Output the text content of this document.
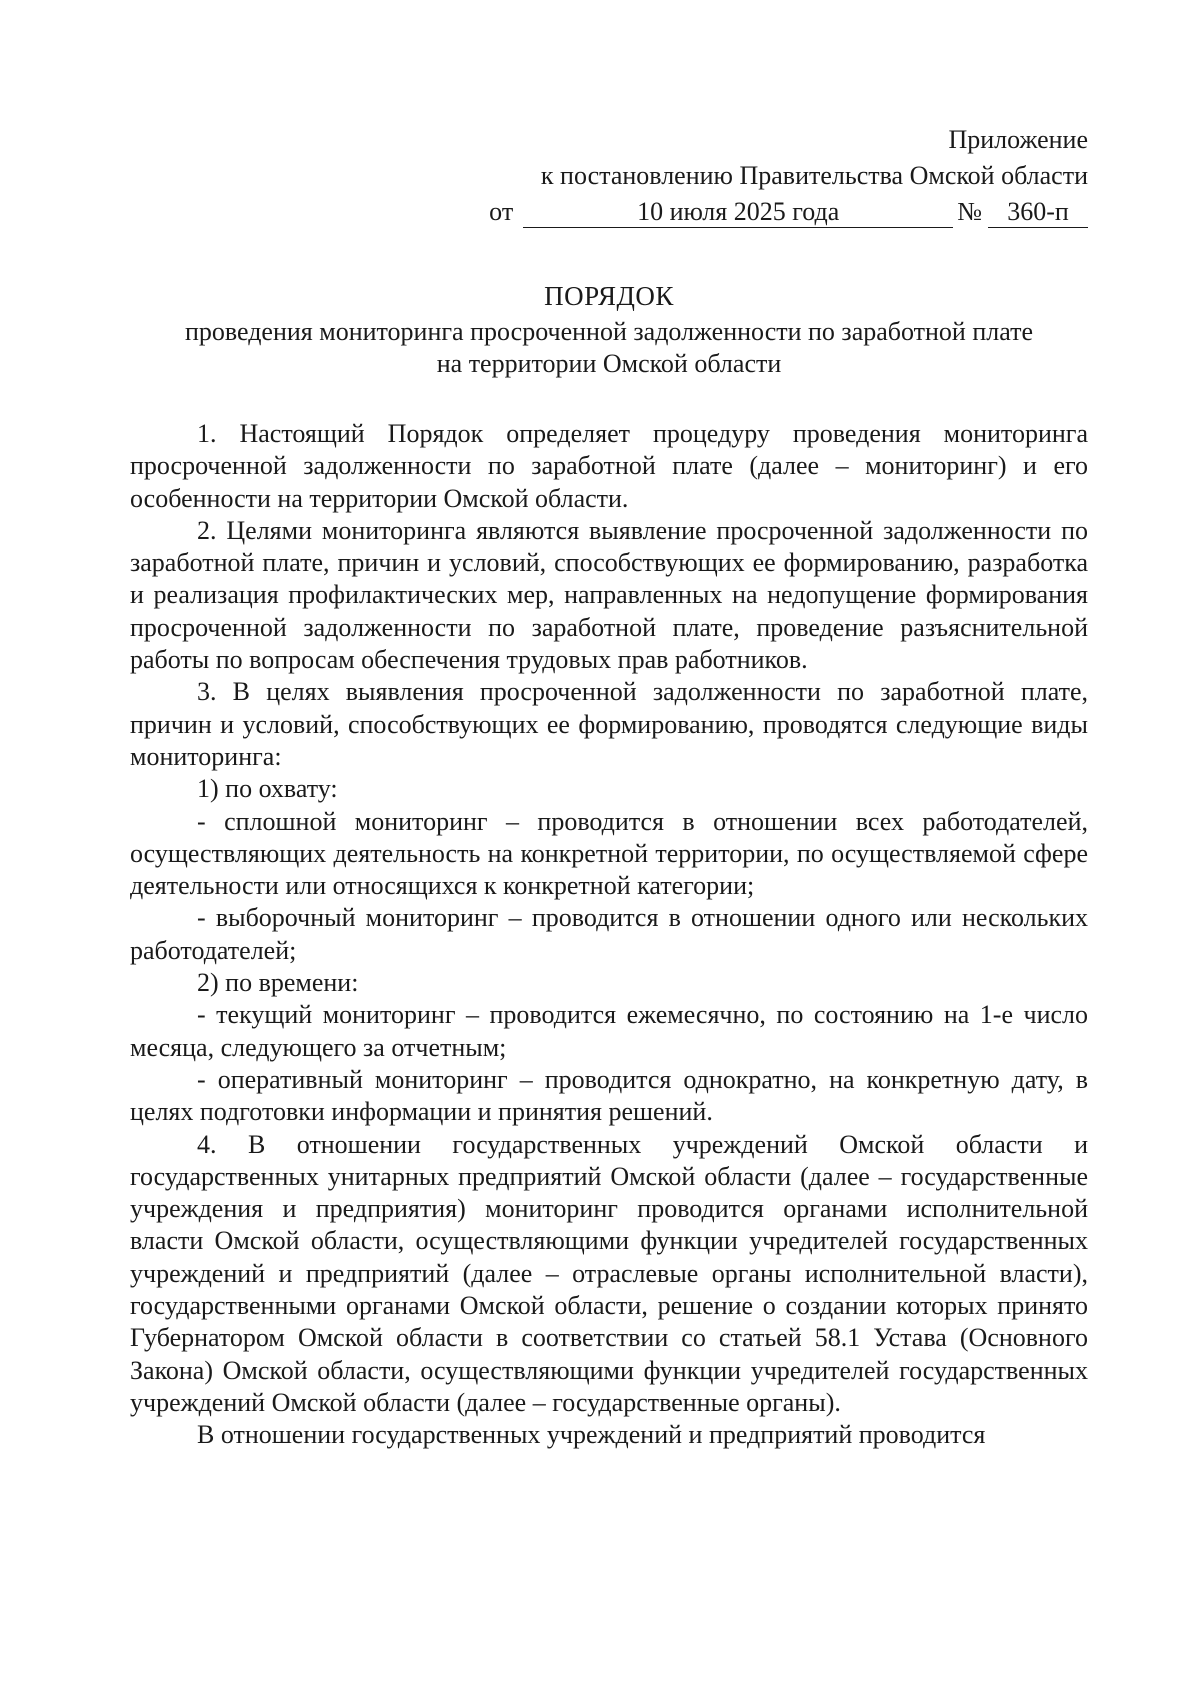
Приложение
к постановлению Правительства Омской области
от	10 июля 2025 года	№ 360-п
ПОРЯДОК
проведения мониторинга просроченной задолженности по заработной плате
на территории Омской области

1. Настоящий Порядок определяет процедуру проведения мониторинга просроченной задолженности по заработной плате (далее – мониторинг) и его особенности на территории Омской области.

2. Целями мониторинга являются выявление просроченной задолженности по заработной плате, причин и условий, способствующих ее формированию, разработка и реализация профилактических мер, направленных на недопущение формирования просроченной задолженности по заработной плате, проведение разъяснительной работы по вопросам обеспечения трудовых прав работников.

3. В целях выявления просроченной задолженности по заработной плате, причин и условий, способствующих ее формированию, проводятся следующие виды мониторинга:

1) по охвату:

- сплошной мониторинг – проводится в отношении всех работодателей, осуществляющих деятельность на конкретной территории, по осуществляемой сфере деятельности или относящихся к конкретной категории;

- выборочный мониторинг – проводится в отношении одного или нескольких работодателей;

2) по времени:

- текущий мониторинг – проводится ежемесячно, по состоянию на 1-е число месяца, следующего за отчетным;

- оперативный мониторинг – проводится однократно, на конкретную дату, в целях подготовки информации и принятия решений.

4. В отношении государственных учреждений Омской области и государственных унитарных предприятий Омской области (далее – государственные учреждения и предприятия) мониторинг проводится органами исполнительной власти Омской области, осуществляющими функции учредителей государственных учреждений и предприятий (далее – отраслевые органы исполнительной власти), государственными органами Омской области, решение о создании которых принято Губернатором Омской области в соответствии со статьей 58.1 Устава (Основного Закона) Омской области, осуществляющими функции учредителей государственных учреждений Омской области (далее – государственные органы).

В отношении государственных учреждений и предприятий проводится
